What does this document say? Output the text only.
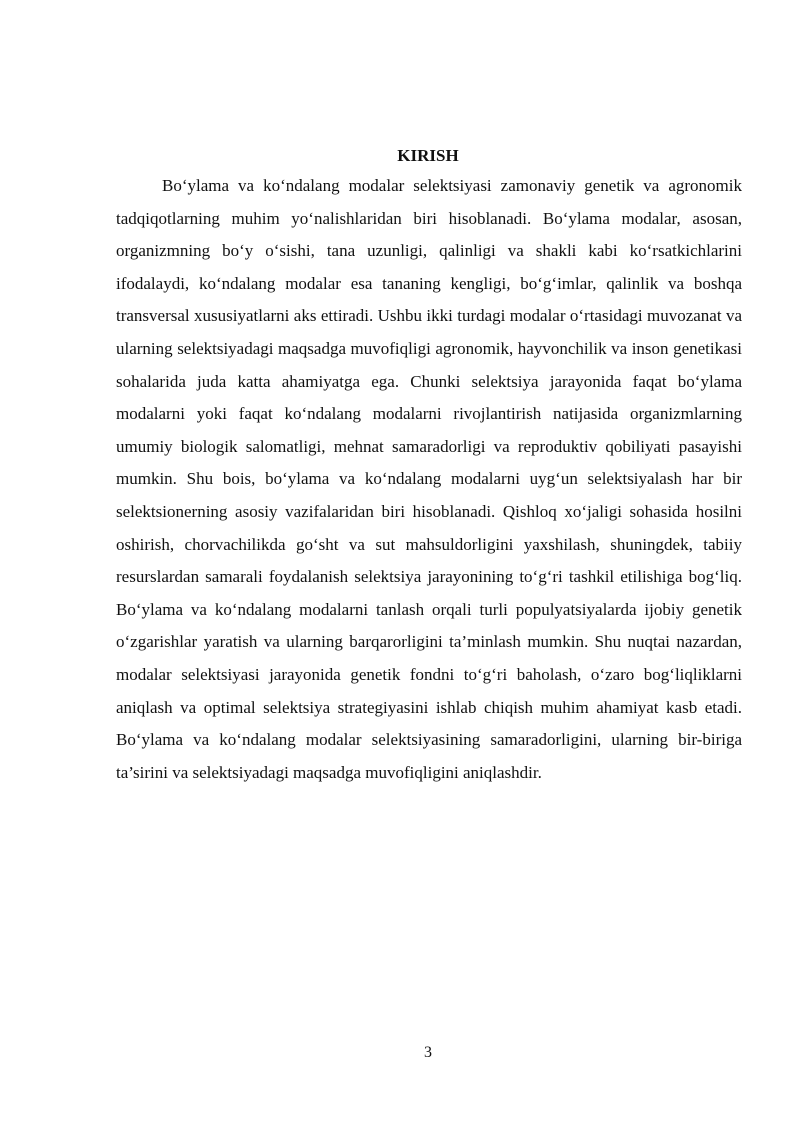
KIRISH

Bo‘ylama va ko‘ndalang modalar selektsiyasi zamonaviy genetik va agronomik tadqiqotlarning muhim yo‘nalishlaridan biri hisoblanadi. Bo‘ylama modalar, asosan, organizmning bo‘y o‘sishi, tana uzunligi, qalinligi va shakli kabi ko‘rsatkichlarini ifodalaydi, ko‘ndalang modalar esa tananing kengligi, bo‘g‘imlar, qalinlik va boshqa transversal xususiyatlarni aks ettiradi. Ushbu ikki turdagi modalar o‘rtasidagi muvozanat va ularning selektsiyadagi maqsadga muvofiqligi agronomik, hayvonchilik va inson genetikasi sohalarida juda katta ahamiyatga ega. Chunki selektsiya jarayonida faqat bo‘ylama modalarni yoki faqat ko‘ndalang modalarni rivojlantirish natijasida organizmlarning umumiy biologik salomatligi, mehnat samaradorligi va reproduktiv qobiliyati pasayishi mumkin. Shu bois, bo‘ylama va ko‘ndalang modalarni uyg‘un selektsiyalash har bir selektsionerning asosiy vazifalaridan biri hisoblanadi. Qishloq xo‘jaligi sohasida hosilni oshirish, chorvachilikda go‘sht va sut mahsuldorligini yaxshilash, shuningdek, tabiiy resurslardan samarali foydalanish selektsiya jarayonining to‘g‘ri tashkil etilishiga bog‘liq. Bo‘ylama va ko‘ndalang modalarni tanlash orqali turli populyatsiyalarda ijobiy genetik o‘zgarishlar yaratish va ularning barqarorligini ta’minlash mumkin. Shu nuqtai nazardan, modalar selektsiyasi jarayonida genetik fondni to‘g‘ri baholash, o‘zaro bog‘liqliklarni aniqlash va optimal selektsiya strategiyasini ishlab chiqish muhim ahamiyat kasb etadi. Bo‘ylama va ko‘ndalang modalar selektsiyasining samaradorligini, ularning bir-biriga ta’sirini va selektsiyadagi maqsadga muvofiqligini aniqlashdir.

3
